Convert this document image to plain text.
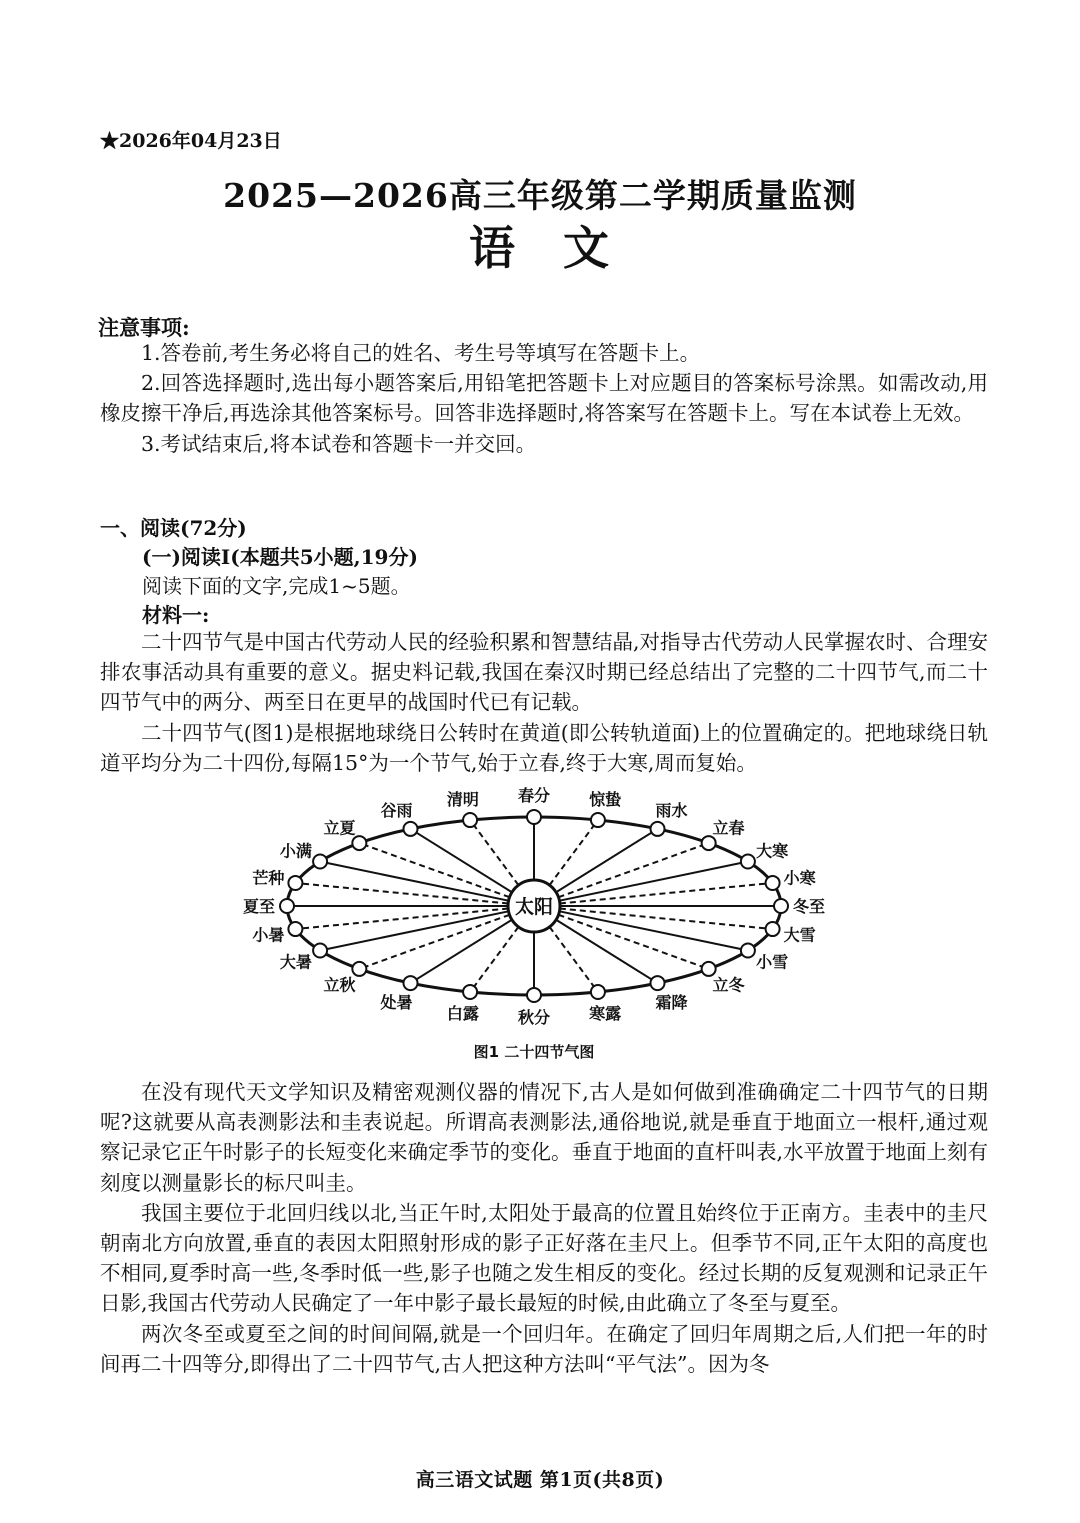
★2026年04月23日
2025—2026高三年级第二学期质量监测
语 文
注意事项:

1.答卷前,考生务必将自己的姓名、考生号等填写在答题卡上。

2.回答选择题时,选出每小题答案后,用铅笔把答题卡上对应题目的答案标号涂黑。如需改动,用橡皮擦干净后,再选涂其他答案标号。回答非选择题时,将答案写在答题卡上。写在本试卷上无效。

3.考试结束后,将本试卷和答题卡一并交回。

一、阅读(72分)
(一)阅读Ⅰ(本题共5小题,19分)
阅读下面的文字,完成1~5题。
材料一:

二十四节气是中国古代劳动人民的经验积累和智慧结晶,对指导古代劳动人民掌握农时、合理安排农事活动具有重要的意义。据史料记载,我国在秦汉时期已经总结出了完整的二十四节气,而二十四节气中的两分、两至日在更早的战国时代已有记载。

二十四节气(图1)是根据地球绕日公转时在黄道(即公转轨道面)上的位置确定的。把地球绕日轨道平均分为二十四份,每隔15°为一个节气,始于立春,终于大寒,周而复始。

冬至
小寒
大寒
立春
雨水
惊蛰
春分
清明
谷雨
立夏
小满
芒种
夏至
小暑
大暑
立秋
处暑
白露 秋分 寒露
霜降
立冬
小雪
大雪
太阳
图1 二十四节气图

在没有现代天文学知识及精密观测仪器的情况下,古人是如何做到准确确定二十四节气的日期呢?这就要从高表测影法和圭表说起。所谓高表测影法,通俗地说,就是垂直于地面立一根杆,通过观察记录它正午时影子的长短变化来确定季节的变化。垂直于地面的直杆叫表,水平放置于地面上刻有刻度以测量影长的标尺叫圭。

我国主要位于北回归线以北,当正午时,太阳处于最高的位置且始终位于正南方。圭表中的圭尺朝南北方向放置,垂直的表因太阳照射形成的影子正好落在圭尺上。但季节不同,正午太阳的高度也不相同,夏季时高一些,冬季时低一些,影子也随之发生相反的变化。经过长期的反复观测和记录正午日影,我国古代劳动人民确定了一年中影子最长最短的时候,由此确立了冬至与夏至。

两次冬至或夏至之间的时间间隔,就是一个回归年。在确定了回归年周期之后,人们把一年的时间再二十四等分,即得出了二十四节气,古人把这种方法叫“平气法”。因为冬

高三语文试题 第1页(共8页)
